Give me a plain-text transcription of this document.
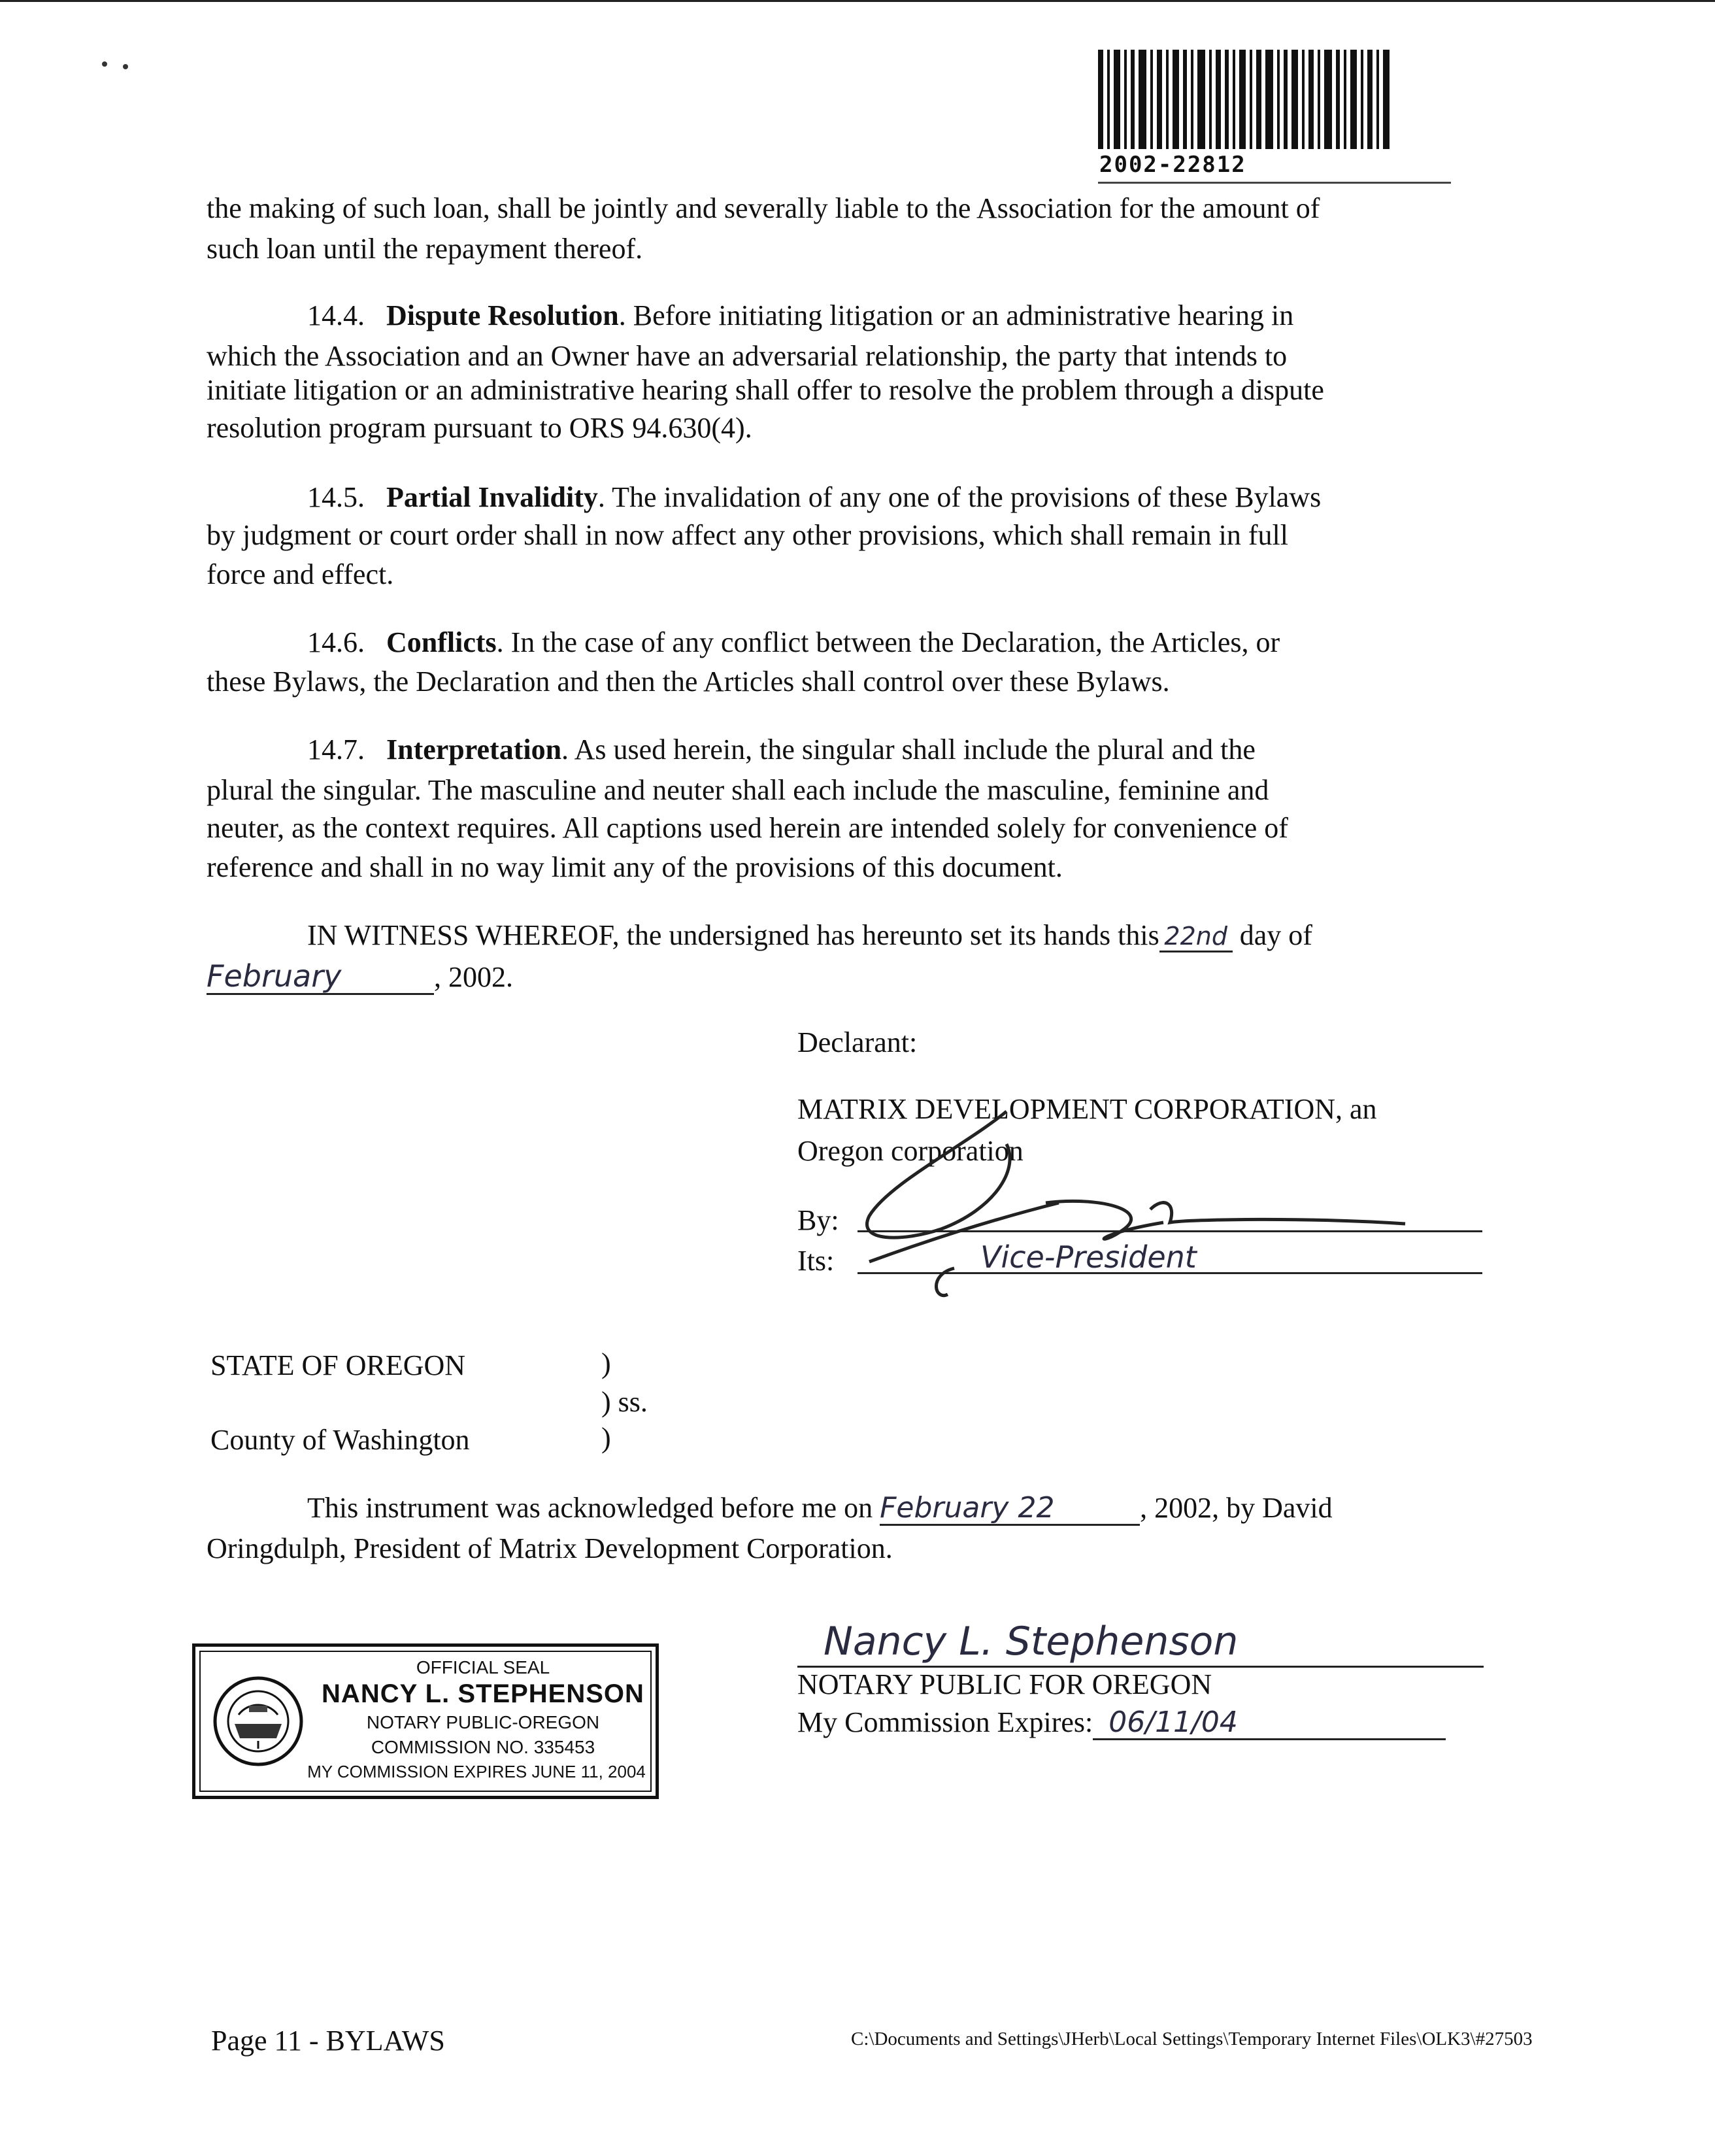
2002-22812
the making of such loan, shall be jointly and severally liable to the Association for the amount of
such loan until the repayment thereof.
14.4. Dispute Resolution. Before initiating litigation or an administrative hearing in
which the Association and an Owner have an adversarial relationship, the party that intends to
initiate litigation or an administrative hearing shall offer to resolve the problem through a dispute
resolution program pursuant to ORS 94.630(4).
14.5. Partial Invalidity. The invalidation of any one of the provisions of these Bylaws
by judgment or court order shall in now affect any other provisions, which shall remain in full
force and effect.
14.6. Conflicts. In the case of any conflict between the Declaration, the Articles, or
these Bylaws, the Declaration and then the Articles shall control over these Bylaws.
14.7. Interpretation. As used herein, the singular shall include the plural and the
plural the singular. The masculine and neuter shall each include the masculine, feminine and
neuter, as the context requires. All captions used herein are intended solely for convenience of
reference and shall in no way limit any of the provisions of this document.
IN WITNESS WHEREOF, the undersigned has hereunto set its hands this 22nd day of
February	, 2002.
Declarant:
MATRIX DEVELOPMENT CORPORATION, an
Oregon corporation
By:
Its:	Vice-President
STATE OF OREGON	)
) ss.
County of Washington	)
This instrument was acknowledged before me on February 22	, 2002, by David
Oringdulph, President of Matrix Development Corporation.
Nancy L. Stephenson
NOTARY PUBLIC FOR OREGON
My Commission Expires: 06/11/04
OFFICIAL SEAL
NANCY L. STEPHENSON
NOTARY PUBLIC-OREGON
COMMISSION NO. 335453
MY COMMISSION EXPIRES JUNE 11, 2004
Page 11 - BYLAWS	C:\Documents and Settings\JHerb\Local Settings\Temporary Internet Files\OLK3\#27503
